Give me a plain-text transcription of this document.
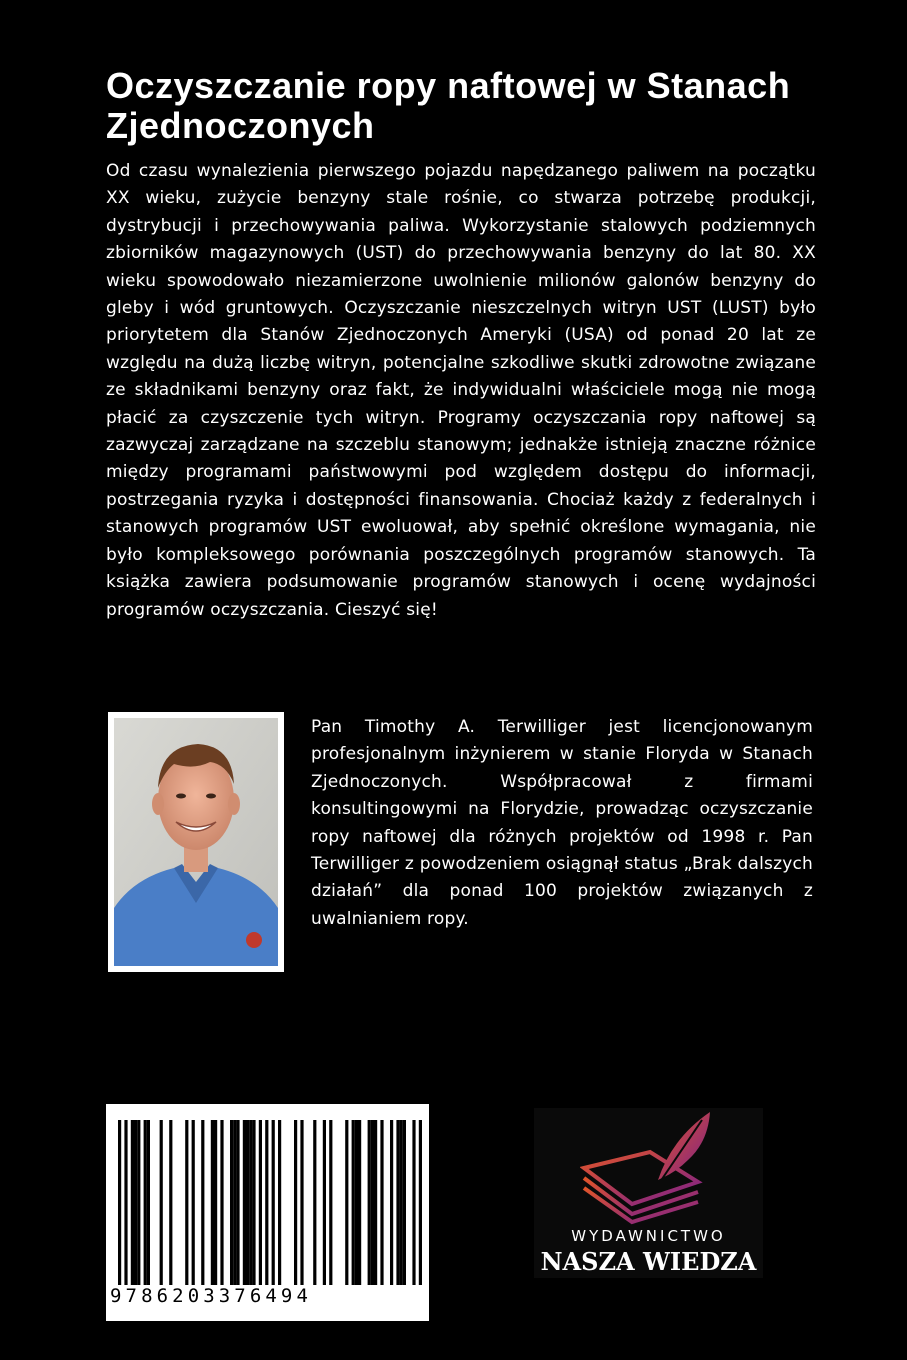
Oczyszczanie ropy naftowej w Stanach Zjednoczonych

Od czasu wynalezienia pierwszego pojazdu napędzanego paliwem na początku XX wieku, zużycie benzyny stale rośnie, co stwarza potrzebę produkcji, dystrybucji i przechowywania paliwa. Wykorzystanie stalowych podziemnych zbiorników magazynowych (UST) do przechowywania benzyny do lat 80. XX wieku spowodowało niezamierzone uwolnienie milionów galonów benzyny do gleby i wód gruntowych. Oczyszczanie nieszczelnych witryn UST (LUST) było priorytetem dla Stanów Zjednoczonych Ameryki (USA) od ponad 20 lat ze względu na dużą liczbę witryn, potencjalne szkodliwe skutki zdrowotne związane ze składnikami benzyny oraz fakt, że indywidualni właściciele mogą nie mogą płacić za czyszczenie tych witryn. Programy oczyszczania ropy naftowej są zazwyczaj zarządzane na szczeblu stanowym; jednakże istnieją znaczne różnice między programami państwowymi pod względem dostępu do informacji, postrzegania ryzyka i dostępności finansowania. Chociaż każdy z federalnych i stanowych programów UST ewoluował, aby spełnić określone wymagania, nie było kompleksowego porównania poszczególnych programów stanowych. Ta książka zawiera podsumowanie programów stanowych i ocenę wydajności programów oczyszczania. Cieszyć się!

Pan Timothy A. Terwilliger jest licencjonowanym profesjonalnym inżynierem w stanie Floryda w Stanach Zjednoczonych. Współpracował z firmami konsultingowymi na Florydzie, prowadząc oczyszczanie ropy naftowej dla różnych projektów od 1998 r. Pan Terwilliger z powodzeniem osiągnął status „Brak dalszych działań” dla ponad 100 projektów związanych z uwalnianiem ropy.

9786203376494
WYDAWNICTWO
NASZA WIEDZA
